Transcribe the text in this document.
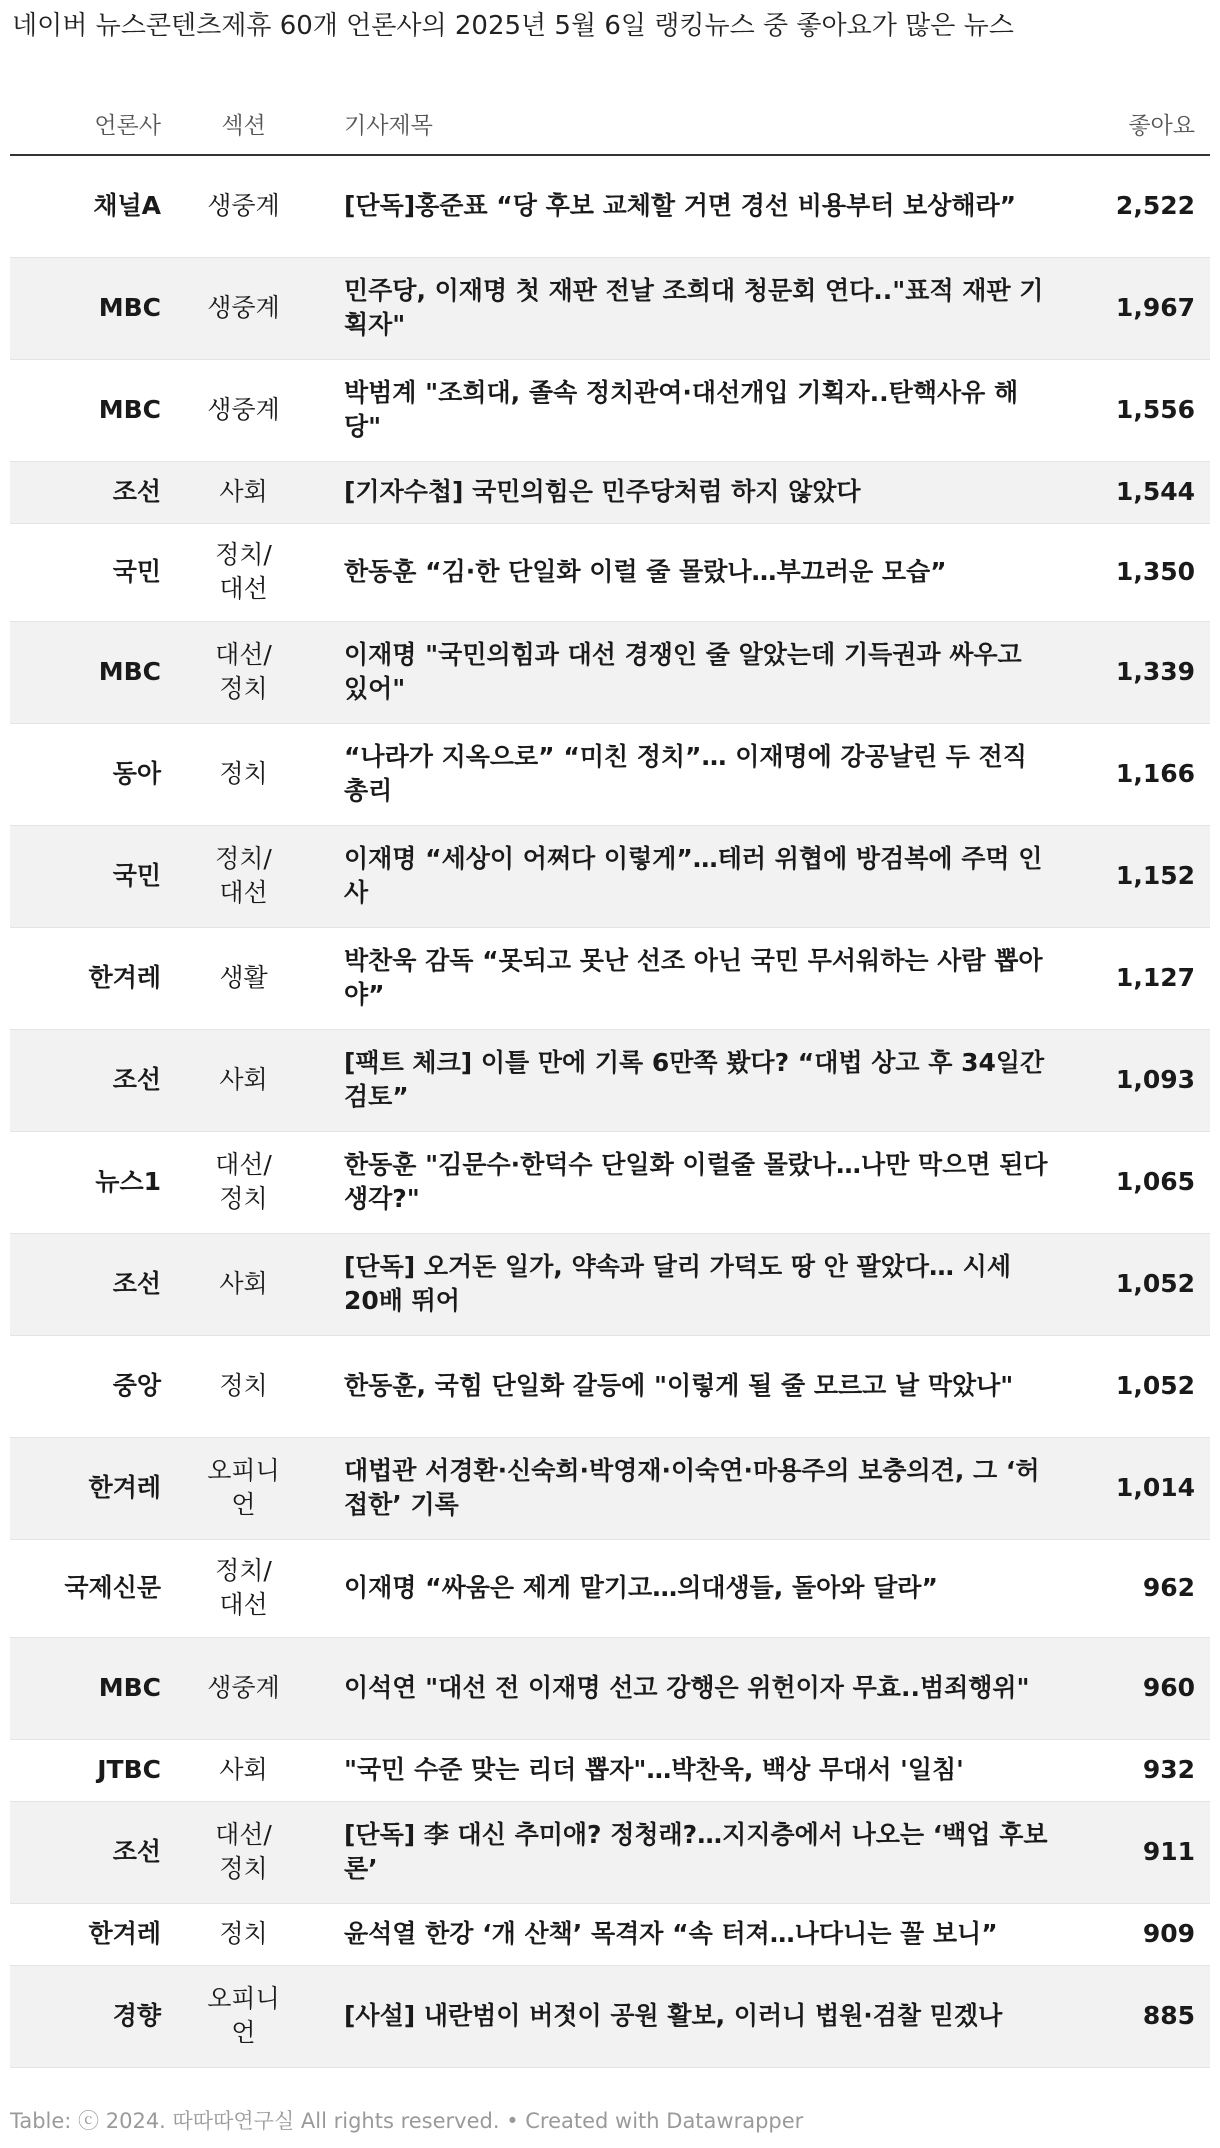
네이버 뉴스콘텐츠제휴 60개 언론사의 2025년 5월 6일 랭킹뉴스 중 좋아요가 많은 뉴스
언론사	섹션	기사제목	좋아요
채널A	생중계	[단독]홍준표 “당 후보 교체할 거면 경선 비용부터 보상해라”	2,522
MBC	생중계	민주당, 이재명 첫 재판 전날 조희대 청문회 연다.."표적 재판 기획자"	1,967
MBC	생중계	박범계 "조희대, 졸속 정치관여·대선개입 기획자..탄핵사유 해당"	1,556
조선	사회	[기자수첩] 국민의힘은 민주당처럼 하지 않았다	1,544
국민	정치/대선	한동훈 “김·한 단일화 이럴 줄 몰랐나…부끄러운 모습”	1,350
MBC	대선/정치	이재명 "국민의힘과 대선 경쟁인 줄 알았는데 기득권과 싸우고 있어"	1,339
동아	정치	“나라가 지옥으로” “미친 정치”… 이재명에 강공날린 두 전직총리	1,166
국민	정치/대선	이재명 “세상이 어쩌다 이렇게”…테러 위협에 방검복에 주먹 인사	1,152
한겨레	생활	박찬욱 감독 “못되고 못난 선조 아닌 국민 무서워하는 사람 뽑아야”	1,127
조선	사회	[팩트 체크] 이틀 만에 기록 6만쪽 봤다? “대법 상고 후 34일간 검토”	1,093
뉴스1	대선/정치	한동훈 "김문수·한덕수 단일화 이럴줄 몰랐나…나만 막으면 된다 생각?"	1,065
조선	사회	[단독] 오거돈 일가, 약속과 달리 가덕도 땅 안 팔았다… 시세 20배 뛰어	1,052
중앙	정치	한동훈, 국힘 단일화 갈등에 "이렇게 될 줄 모르고 날 막았나"	1,052
한겨레	오피니언	대법관 서경환·신숙희·박영재·이숙연·마용주의 보충의견, 그 ‘허접한’ 기록	1,014
국제신문	정치/대선	이재명 “싸움은 제게 맡기고…의대생들, 돌아와 달라”	962
MBC	생중계	이석연 "대선 전 이재명 선고 강행은 위헌이자 무효..범죄행위"	960
JTBC	사회	"국민 수준 맞는 리더 뽑자"…박찬욱, 백상 무대서 '일침'	932
조선	대선/정치	[단독] 李 대신 추미애? 정청래?…지지층에서 나오는 ‘백업 후보론’	911
한겨레	정치	윤석열 한강 ‘개 산책’ 목격자 “속 터져…나다니는 꼴 보니”	909
경향	오피니언	[사설] 내란범이 버젓이 공원 활보, 이러니 법원·검찰 믿겠나	885
Table: ⓒ 2024. 따따따연구실 All rights reserved. • Created with Datawrapper
